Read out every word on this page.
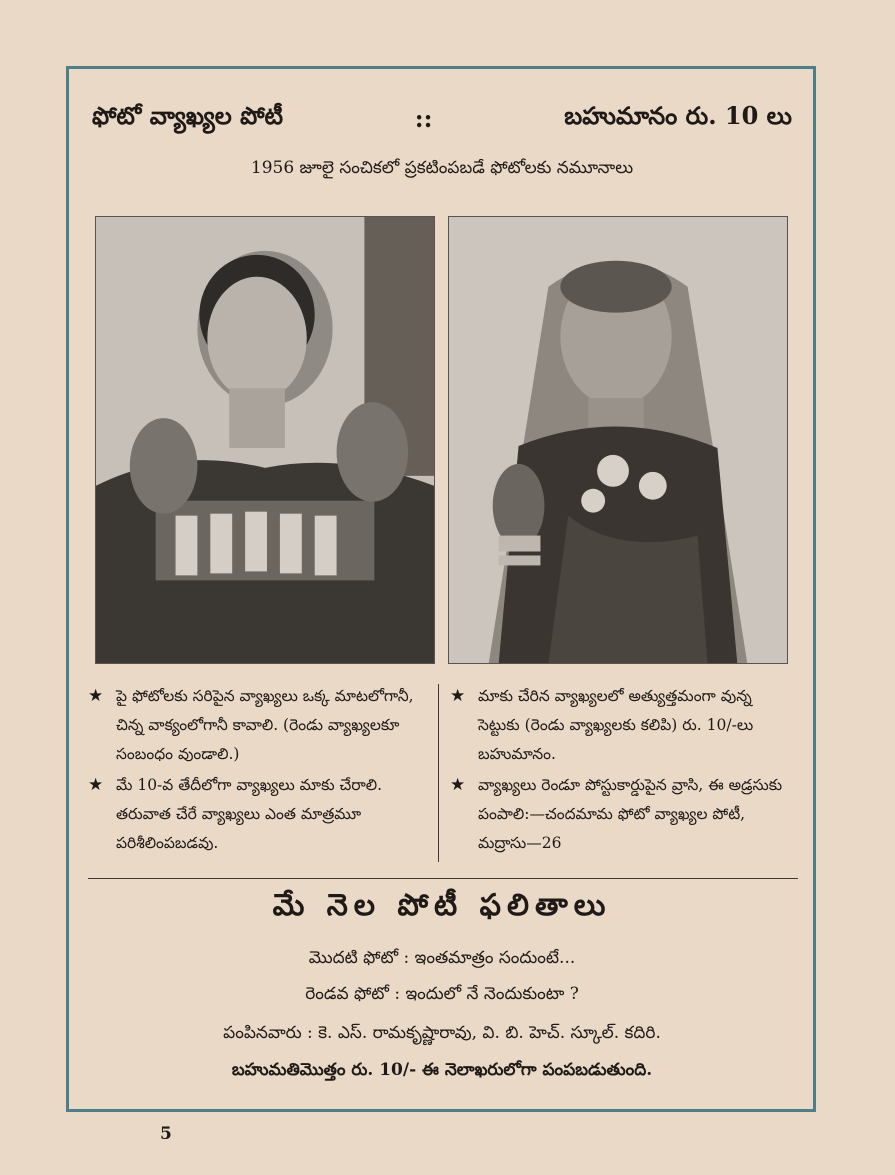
ఫోటో వ్యాఖ్యల పోటీ	::	బహుమానం రు. 10 లు
1956 జూలై సంచికలో ప్రకటింపబడే ఫోటోలకు నమూనాలు
★ పై ఫోటోలకు సరిపైన వ్యాఖ్యలు ఒక్క మాటలోగానీ, చిన్న వాక్యంలోగానీ కావాలి. (రెండు వ్యాఖ్యలకూ సంబంధం వుండాలి.)
★ మే 10-వ తేదీలోగా వ్యాఖ్యలు మాకు చేరాలి. తరువాత చేరే వ్యాఖ్యలు ఎంత మాత్రమూ పరిశీలింపబడవు.
★ మాకు చేరిన వ్యాఖ్యలలో అత్యుత్తమంగా వున్న సెట్టుకు (రెండు వ్యాఖ్యలకు కలిపి) రు. 10/-లు బహుమానం.
★ వ్యాఖ్యలు రెండూ పోస్టుకార్డుపైన వ్రాసి, ఈ అడ్రసుకు పంపాలి:—చందమామ ఫోటో వ్యాఖ్యల పోటీ, మద్రాసు—26
మే నెల పోటీ ఫలితాలు
మొదటి ఫోటో : ఇంతమాత్రం సందుంటే...
రెండవ ఫోటో : ఇందులో నే నెందుకుంటా ?
పంపినవారు : కె. ఎస్. రామకృష్ణారావు, వి. బి. హెచ్. స్కూల్. కదిరి.
బహుమతిమొత్తం రు. 10/- ఈ నెలాఖరులోగా పంపబడుతుంది.
5
